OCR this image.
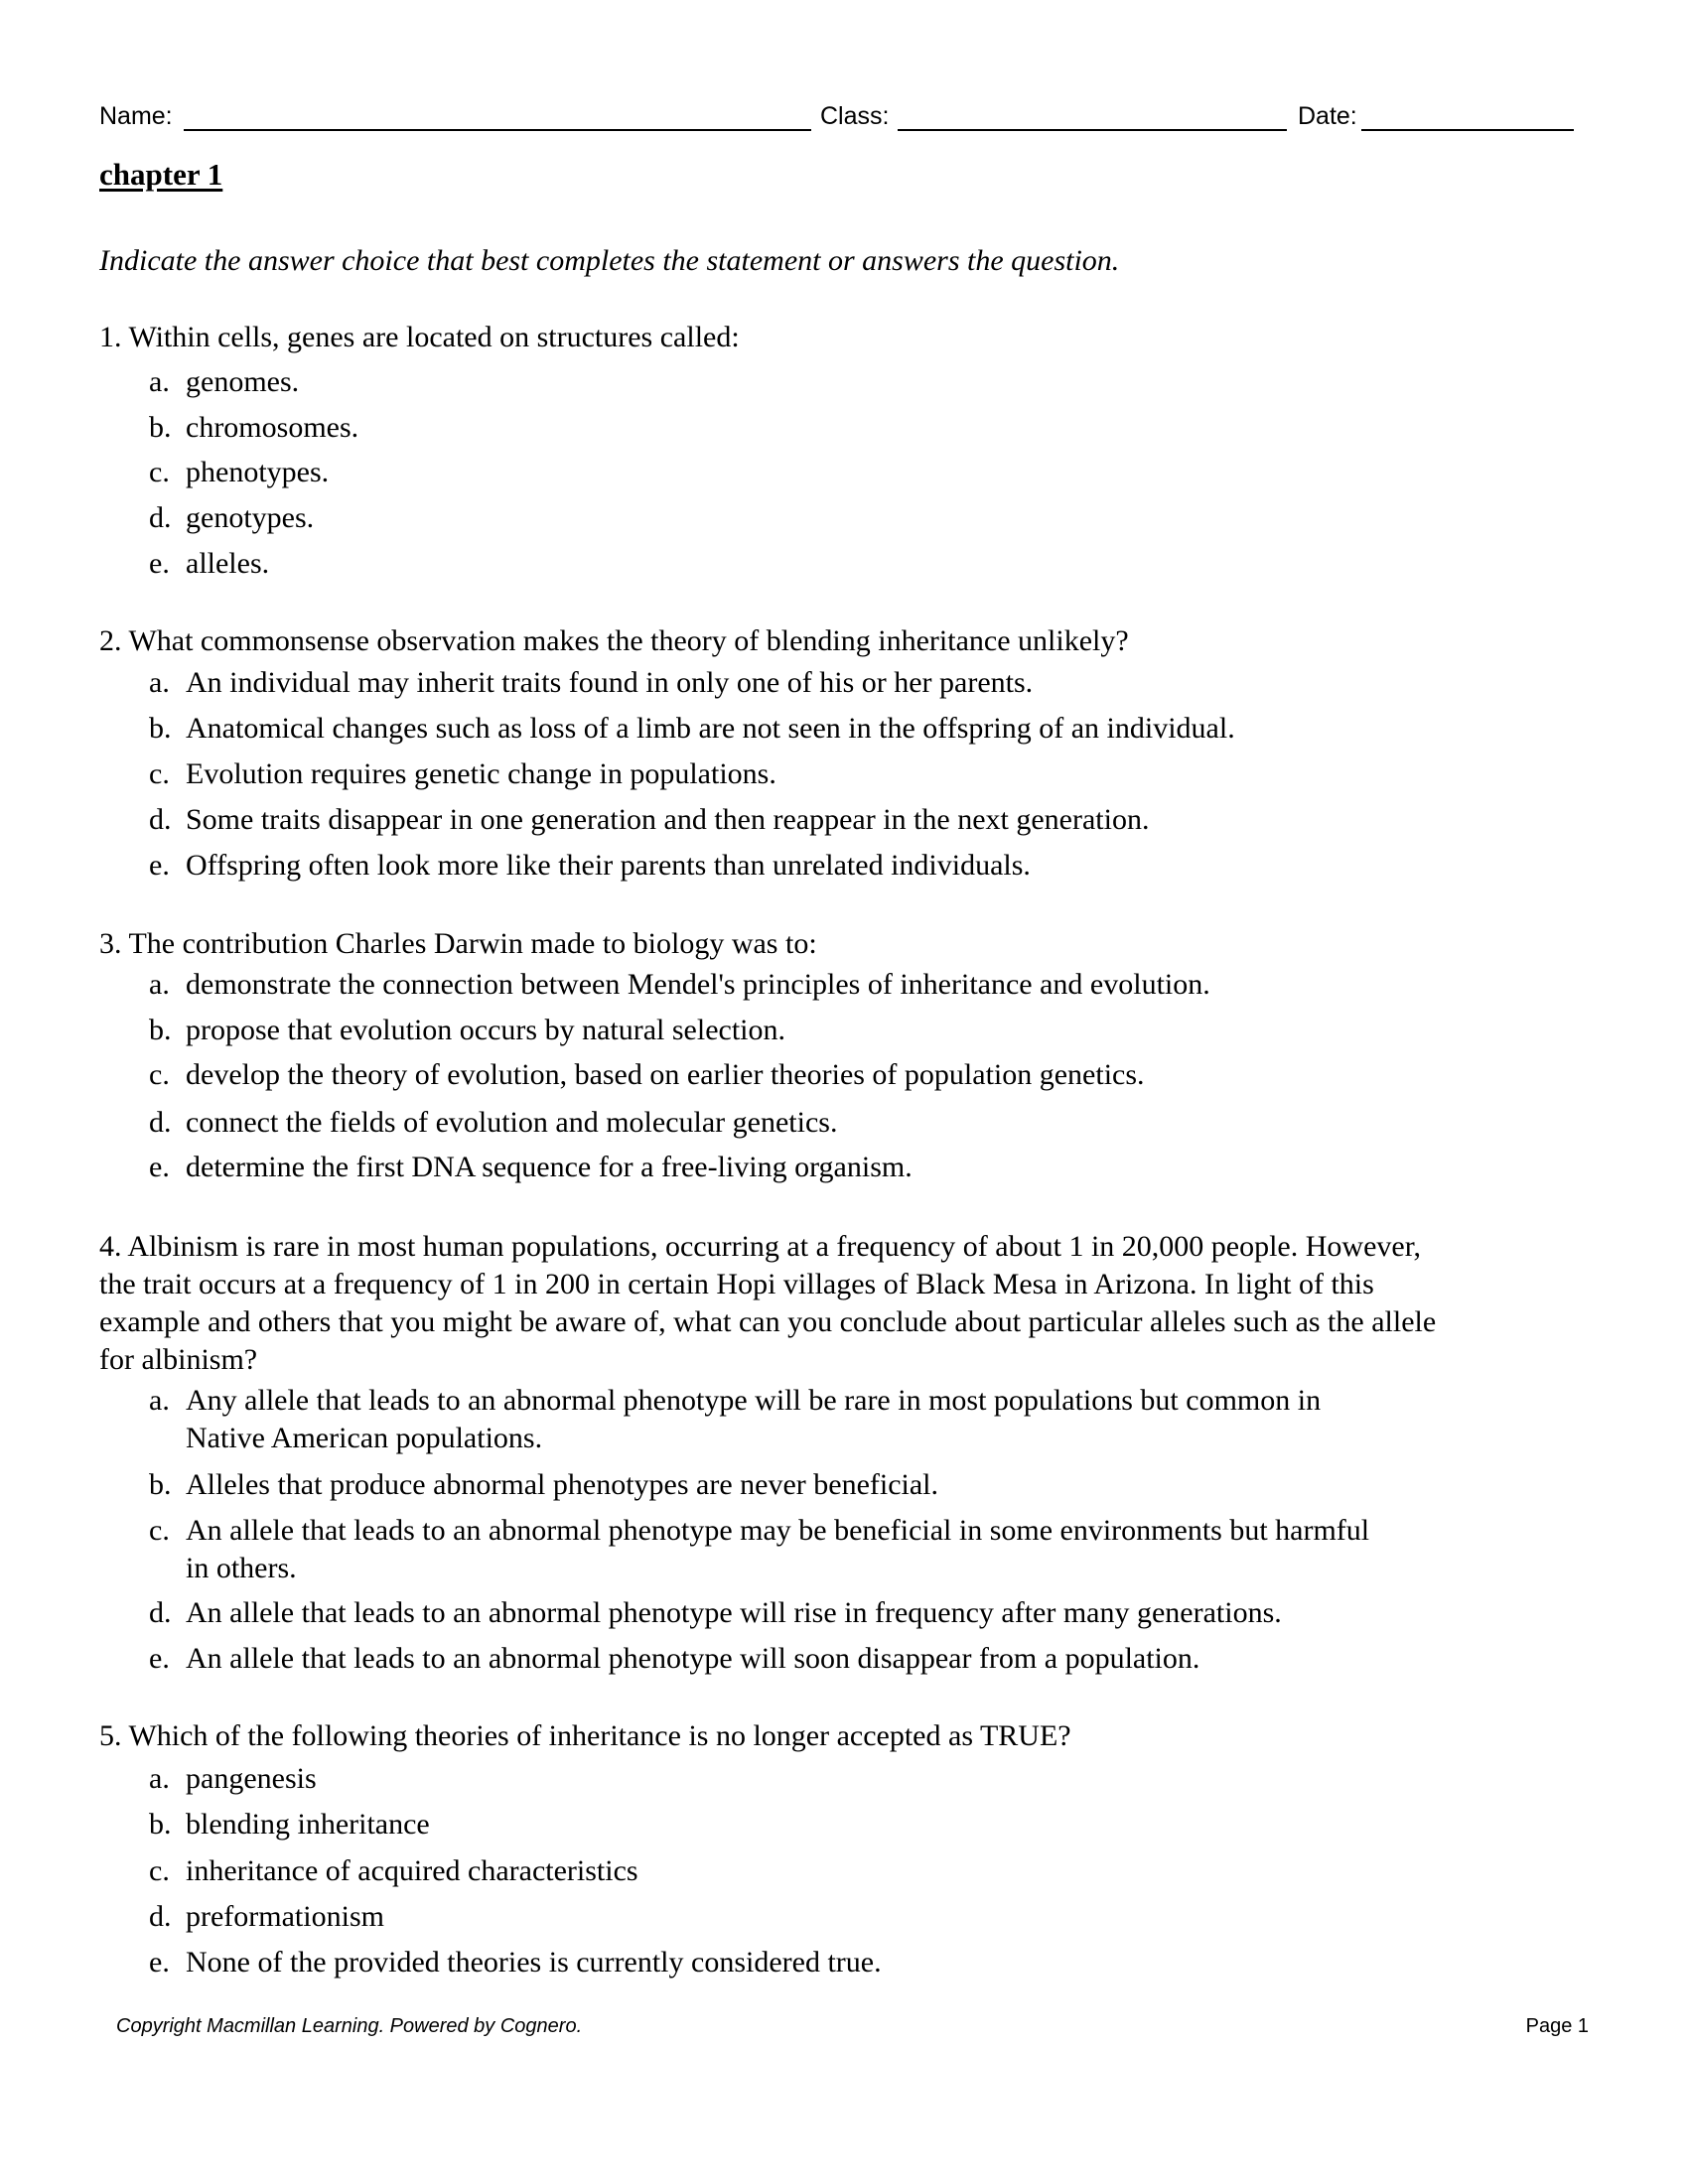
Name:	Class:	Date:
chapter 1
Indicate the answer choice that best completes the statement or answers the question.
1. Within cells, genes are located on structures called:
a. genomes.
b. chromosomes.
c. phenotypes.
d. genotypes.
e. alleles.
2. What commonsense observation makes the theory of blending inheritance unlikely?
a. An individual may inherit traits found in only one of his or her parents.
b. Anatomical changes such as loss of a limb are not seen in the offspring of an individual.
c. Evolution requires genetic change in populations.
d. Some traits disappear in one generation and then reappear in the next generation.
e. Offspring often look more like their parents than unrelated individuals.
3. The contribution Charles Darwin made to biology was to:
a. demonstrate the connection between Mendel's principles of inheritance and evolution.
b. propose that evolution occurs by natural selection.
c. develop the theory of evolution, based on earlier theories of population genetics.
d. connect the fields of evolution and molecular genetics.
e. determine the first DNA sequence for a free-living organism.
4. Albinism is rare in most human populations, occurring at a frequency of about 1 in 20,000 people. However,
the trait occurs at a frequency of 1 in 200 in certain Hopi villages of Black Mesa in Arizona. In light of this
example and others that you might be aware of, what can you conclude about particular alleles such as the allele
for albinism?
a. Any allele that leads to an abnormal phenotype will be rare in most populations but common in
Native American populations.
b. Alleles that produce abnormal phenotypes are never beneficial.
c. An allele that leads to an abnormal phenotype may be beneficial in some environments but harmful
in others.
d. An allele that leads to an abnormal phenotype will rise in frequency after many generations.
e. An allele that leads to an abnormal phenotype will soon disappear from a population.
5. Which of the following theories of inheritance is no longer accepted as TRUE?
a. pangenesis
b. blending inheritance
c. inheritance of acquired characteristics
d. preformationism
e. None of the provided theories is currently considered true.
Copyright Macmillan Learning. Powered by Cognero.	Page 1
